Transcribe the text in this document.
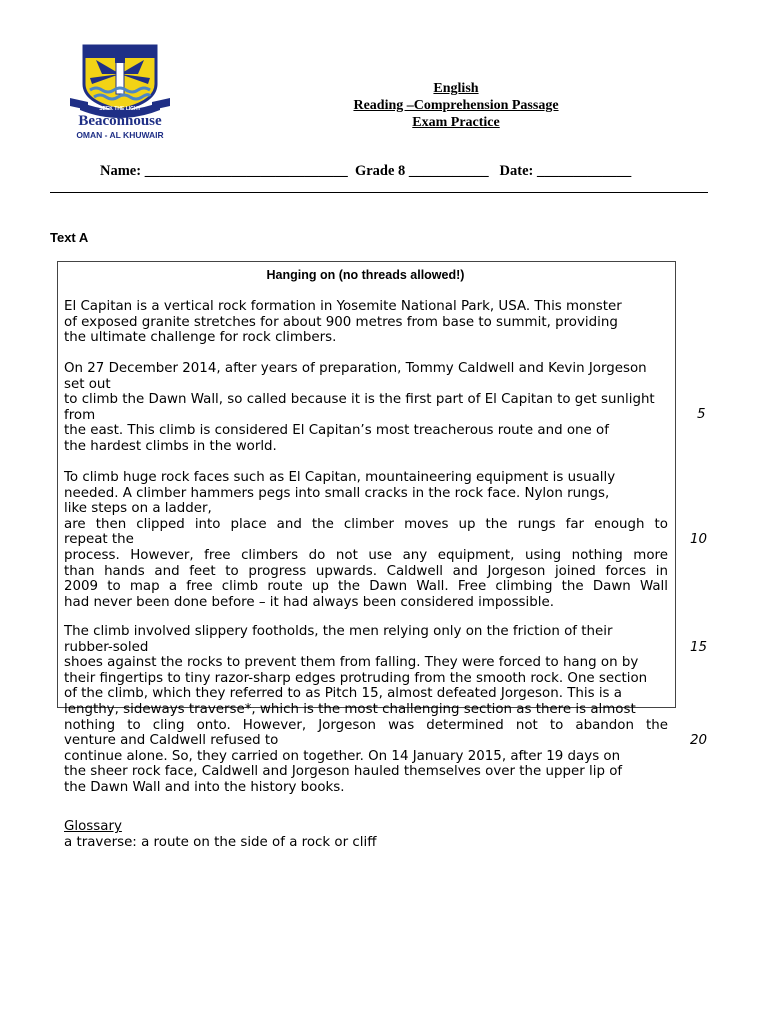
SEEK THE LIGHT
Beaconhouse
OMAN - AL KHUWAIR
English
Reading –Comprehension Passage
Exam Practice
Name: ____________________________  Grade 8 ___________   Date: _____________
Text A
Hanging on (no threads allowed!)
El Capitan is a vertical rock formation in Yosemite National Park, USA. This monster
of exposed granite stretches for about 900 metres from base to summit, providing
the ultimate challenge for rock climbers.
On 27 December 2014, after years of preparation, Tommy Caldwell and Kevin Jorgeson
set out
to climb the Dawn Wall, so called because it is the first part of El Capitan to get sunlight
from
the east. This climb is considered El Capitan’s most treacherous route and one of
the hardest climbs in the world.
To climb huge rock faces such as El Capitan, mountaineering equipment is usually
needed. A climber hammers pegs into small cracks in the rock face. Nylon rungs,
like steps on a ladder,
are then clipped into place and the climber moves up the rungs far enough to
repeat the
process. However, free climbers do not use any equipment, using nothing more
than hands and feet to progress upwards. Caldwell and Jorgeson joined forces in
2009 to map a free climb route up the Dawn Wall. Free climbing the Dawn Wall
had never been done before – it had always been considered impossible.
The climb involved slippery footholds, the men relying only on the friction of their
rubber-soled
shoes against the rocks to prevent them from falling. They were forced to hang on by
their fingertips to tiny razor-sharp edges protruding from the smooth rock. One section
of the climb, which they referred to as Pitch 15, almost defeated Jorgeson. This is a
lengthy, sideways traverse*, which is the most challenging section as there is almost
nothing to cling onto. However, Jorgeson was determined not to abandon the
venture and Caldwell refused to
continue alone. So, they carried on together. On 14 January 2015, after 19 days on
the sheer rock face, Caldwell and Jorgeson hauled themselves over the upper lip of
the Dawn Wall and into the history books.
5
10
15
20
Glossary
a traverse: a route on the side of a rock or cliff
